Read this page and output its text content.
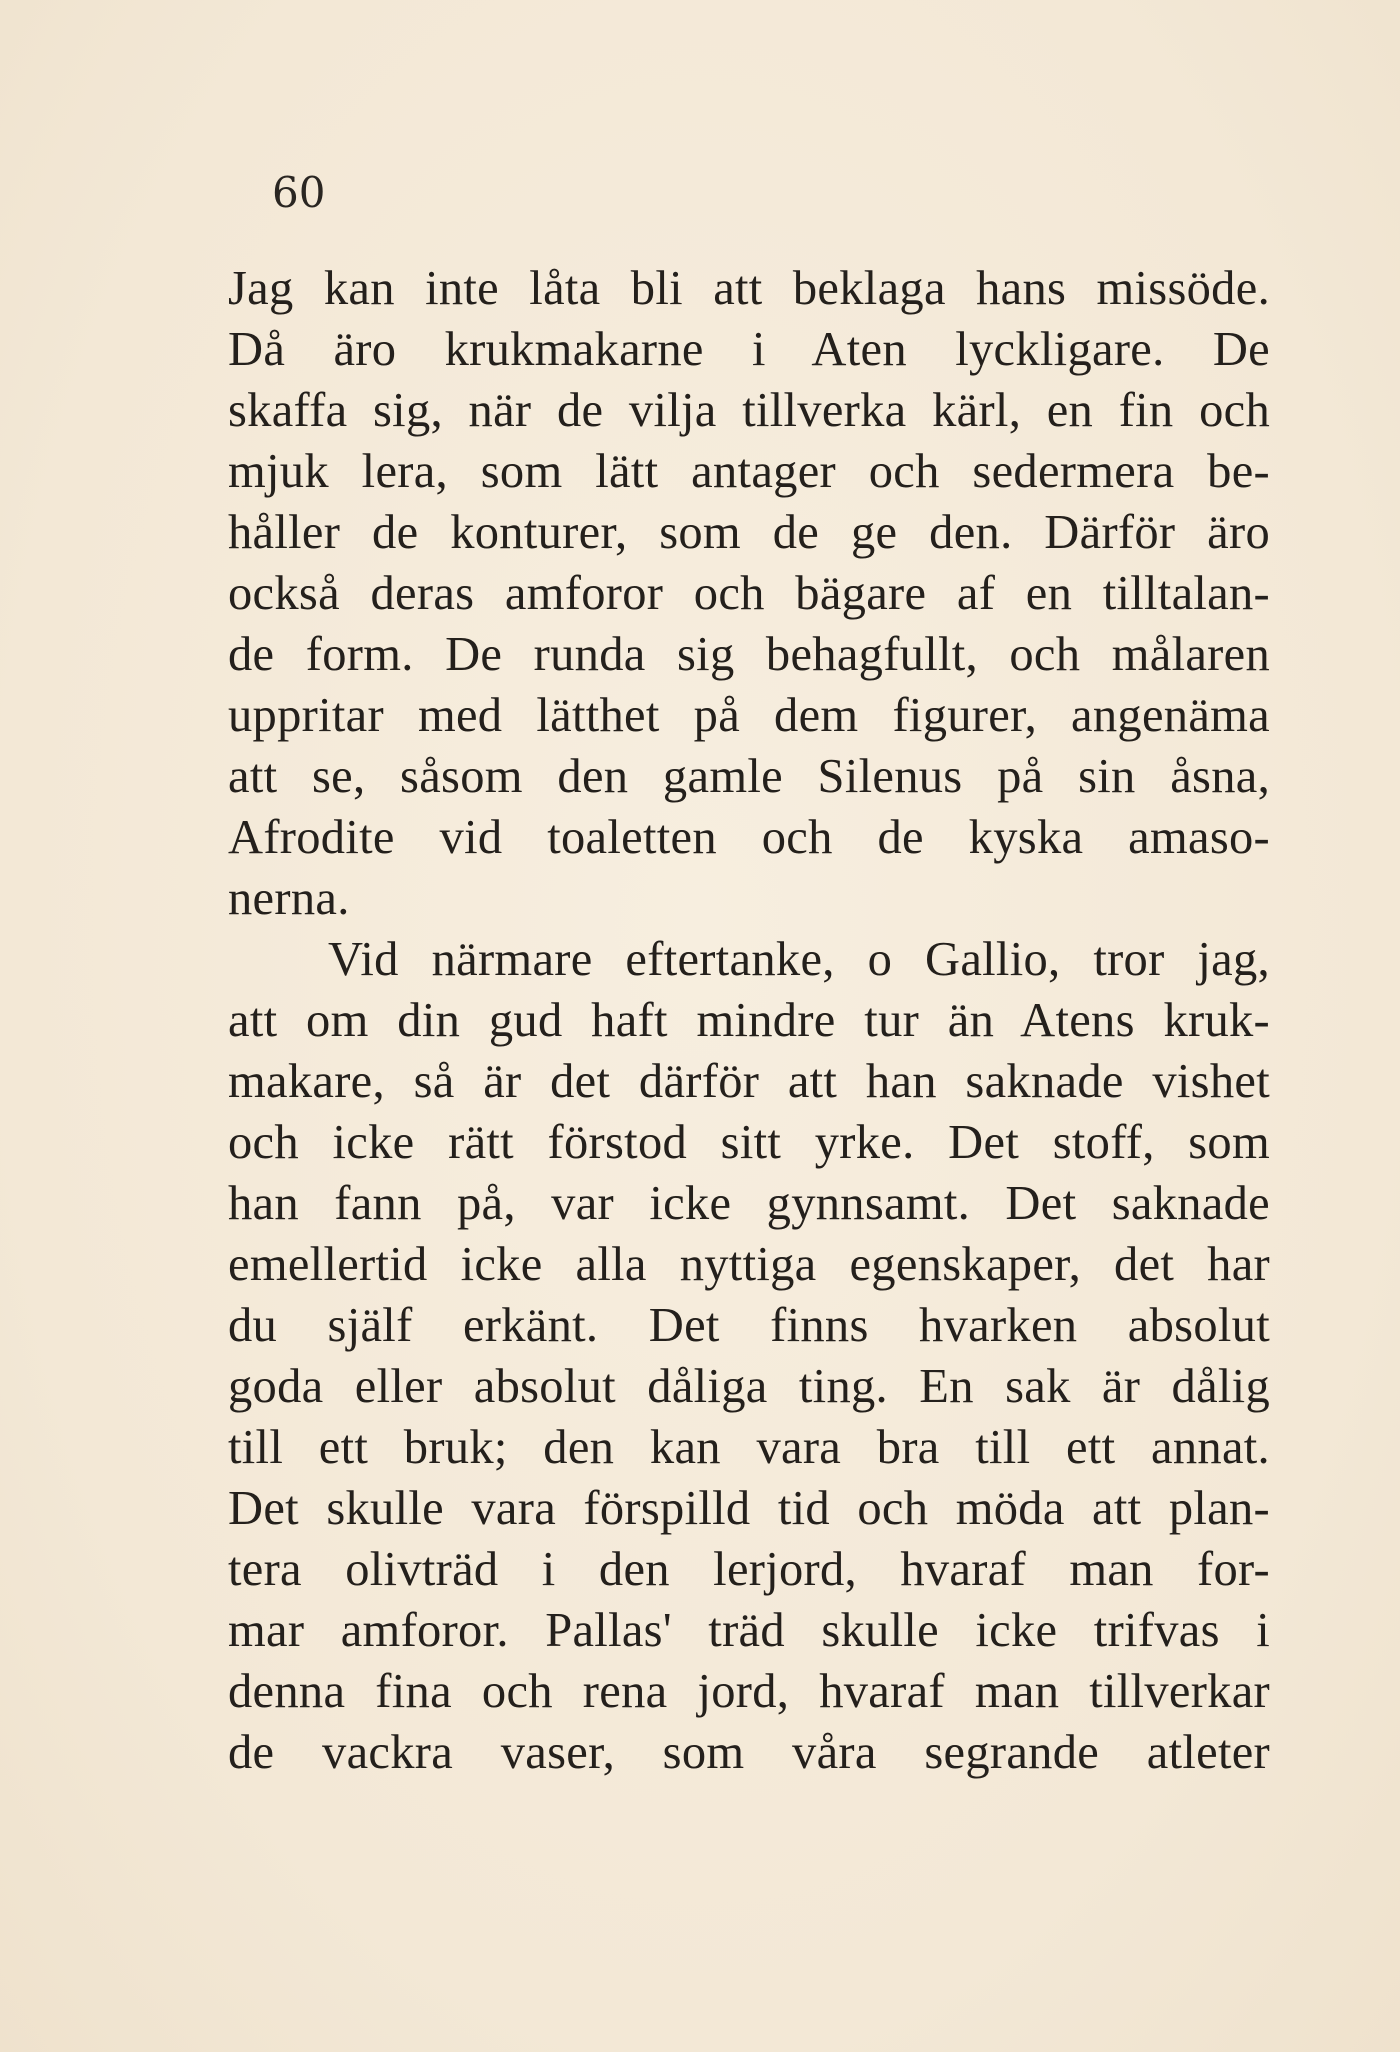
60
Jag kan inte låta bli att beklaga hans missöde.
Då äro krukmakarne i Aten lyckligare. De
skaffa sig, när de vilja tillverka kärl, en fin och
mjuk lera, som lätt antager och sedermera be-
håller de konturer, som de ge den. Därför äro
också deras amforor och bägare af en tilltalan-
de form. De runda sig behagfullt, och målaren
uppritar med lätthet på dem figurer, angenäma
att se, såsom den gamle Silenus på sin åsna,
Afrodite vid toaletten och de kyska amaso-
nerna.
Vid närmare eftertanke, o Gallio, tror jag,
att om din gud haft mindre tur än Atens kruk-
makare, så är det därför att han saknade vishet
och icke rätt förstod sitt yrke. Det stoff, som
han fann på, var icke gynnsamt. Det saknade
emellertid icke alla nyttiga egenskaper, det har
du själf erkänt. Det finns hvarken absolut
goda eller absolut dåliga ting. En sak är dålig
till ett bruk; den kan vara bra till ett annat.
Det skulle vara förspilld tid och möda att plan-
tera olivträd i den lerjord, hvaraf man for-
mar amforor. Pallas' träd skulle icke trifvas i
denna fina och rena jord, hvaraf man tillverkar
de vackra vaser, som våra segrande atleter
